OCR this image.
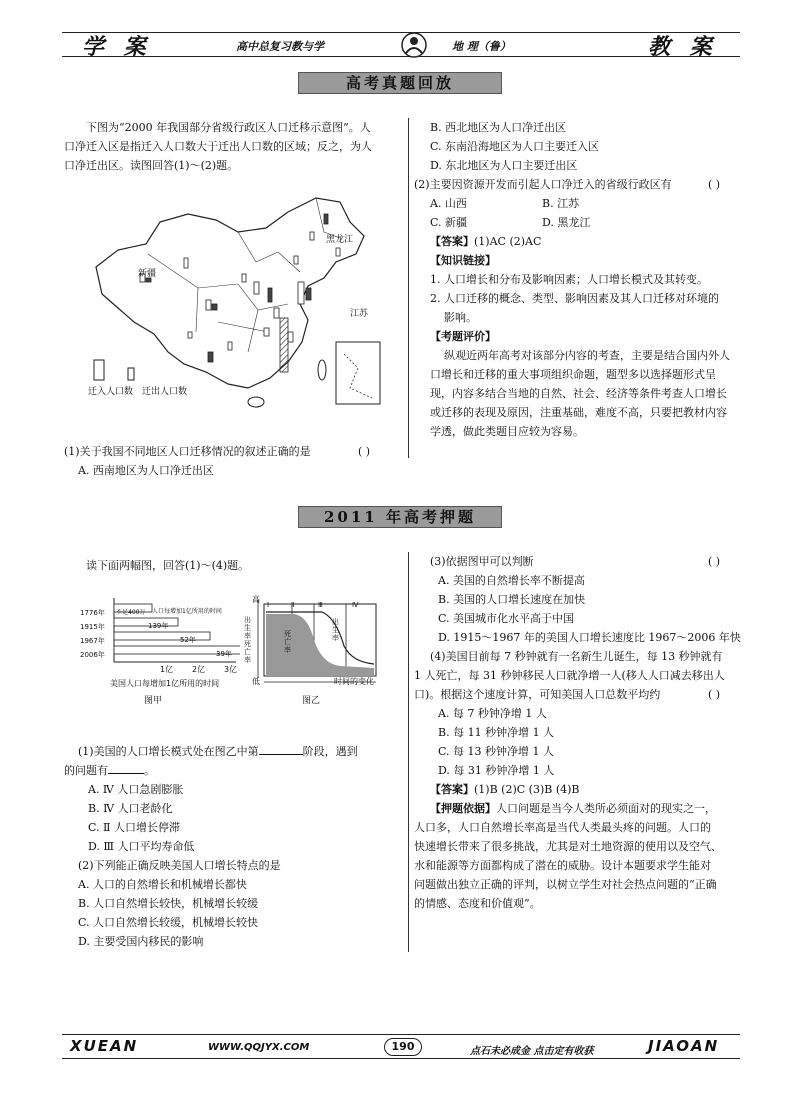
学 案	高中总复习教与学	地 理（鲁）	教 案
高考真题回放
下图为“2000 年我国部分省级行政区人口迁移示意图”。人
口净迁入区是指迁入人口数大于迁出人口数的区域；反之，为人
口净迁出区。读图回答(1)～(2)题。
新疆
黑龙江
江苏
迁入人口数 迁出人口数
(1)关于我国不同地区人口迁移情况的叙述正确的是	( )
A. 西南地区为人口净迁出区
B. 西北地区为人口净迁出区
C. 东南沿海地区为人口主要迁入区
D. 东北地区为人口主要迁出区
(2)主要因资源开发而引起人口净迁入的省级行政区有	( )
A. 山西	B. 江苏
C. 新疆	D. 黑龙江
【答案】(1)AC (2)AC
【知识链接】
1. 人口增长和分布及影响因素；人口增长模式及其转变。
2. 人口迁移的概念、类型、影响因素及其人口迁移对环境的
影响。
【考题评价】
纵观近两年高考对该部分内容的考查，主要是结合国内外人
口增长和迁移的重大事项组织命题，题型多以选择题形式呈
现，内容多结合当地的自然、社会、经济等条件考查人口增长
或迁移的表现及原因，注重基础，难度不高，只要把教材内容
学透，做此类题目应较为容易。
2011 年高考押题
读下面两幅图，回答(1)～(4)题。
1776年
1915年
1967年
2006年
不足400万 人口每增加1亿所用的时间
139年
52年
39年
1亿 2亿 3亿
美国人口每增加1亿所用的时间
图甲
Ⅰ	Ⅱ	Ⅲ	Ⅳ
高
低
出生率死亡率
出生率
死亡率
时间的变化
图乙
(1)美国的人口增长模式处在图乙中第	阶段，遇到
的问题有	。
A. Ⅳ 人口急剧膨胀
B. Ⅳ 人口老龄化
C. Ⅱ 人口增长停滞
D. Ⅲ 人口平均寿命低
(2)下列能正确反映美国人口增长特点的是
A. 人口的自然增长和机械增长都快
B. 人口自然增长较快，机械增长较缓
C. 人口自然增长较缓，机械增长较快
D. 主要受国内移民的影响
(3)依据图甲可以判断	( )
A. 美国的自然增长率不断提高
B. 美国的人口增长速度在加快
C. 美国城市化水平高于中国
D. 1915～1967 年的美国人口增长速度比 1967～2006 年快
(4)美国目前每 7 秒钟就有一名新生儿诞生，每 13 秒钟就有
1 人死亡，每 31 秒钟移民人口就净增一人(移人人口减去移出人
口)。根据这个速度计算，可知美国人口总数平均约	( )
A. 每 7 秒钟净增 1 人
B. 每 11 秒钟净增 1 人
C. 每 13 秒钟净增 1 人
D. 每 31 秒钟净增 1 人
【答案】(1)B (2)C (3)B (4)B
【押题依据】人口问题是当今人类所必须面对的现实之一，
人口多，人口自然增长率高是当代人类最头疼的问题。人口的
快速增长带来了很多挑战，尤其是对土地资源的使用以及空气、
水和能源等方面都构成了潜在的威胁。设计本题要求学生能对
问题做出独立正确的评判，以树立学生对社会热点问题的“正确
的情感、态度和价值观”。
XUEAN	WWW.QQJYX.COM	190	点石未必成金 点击定有收获	JIAOAN
